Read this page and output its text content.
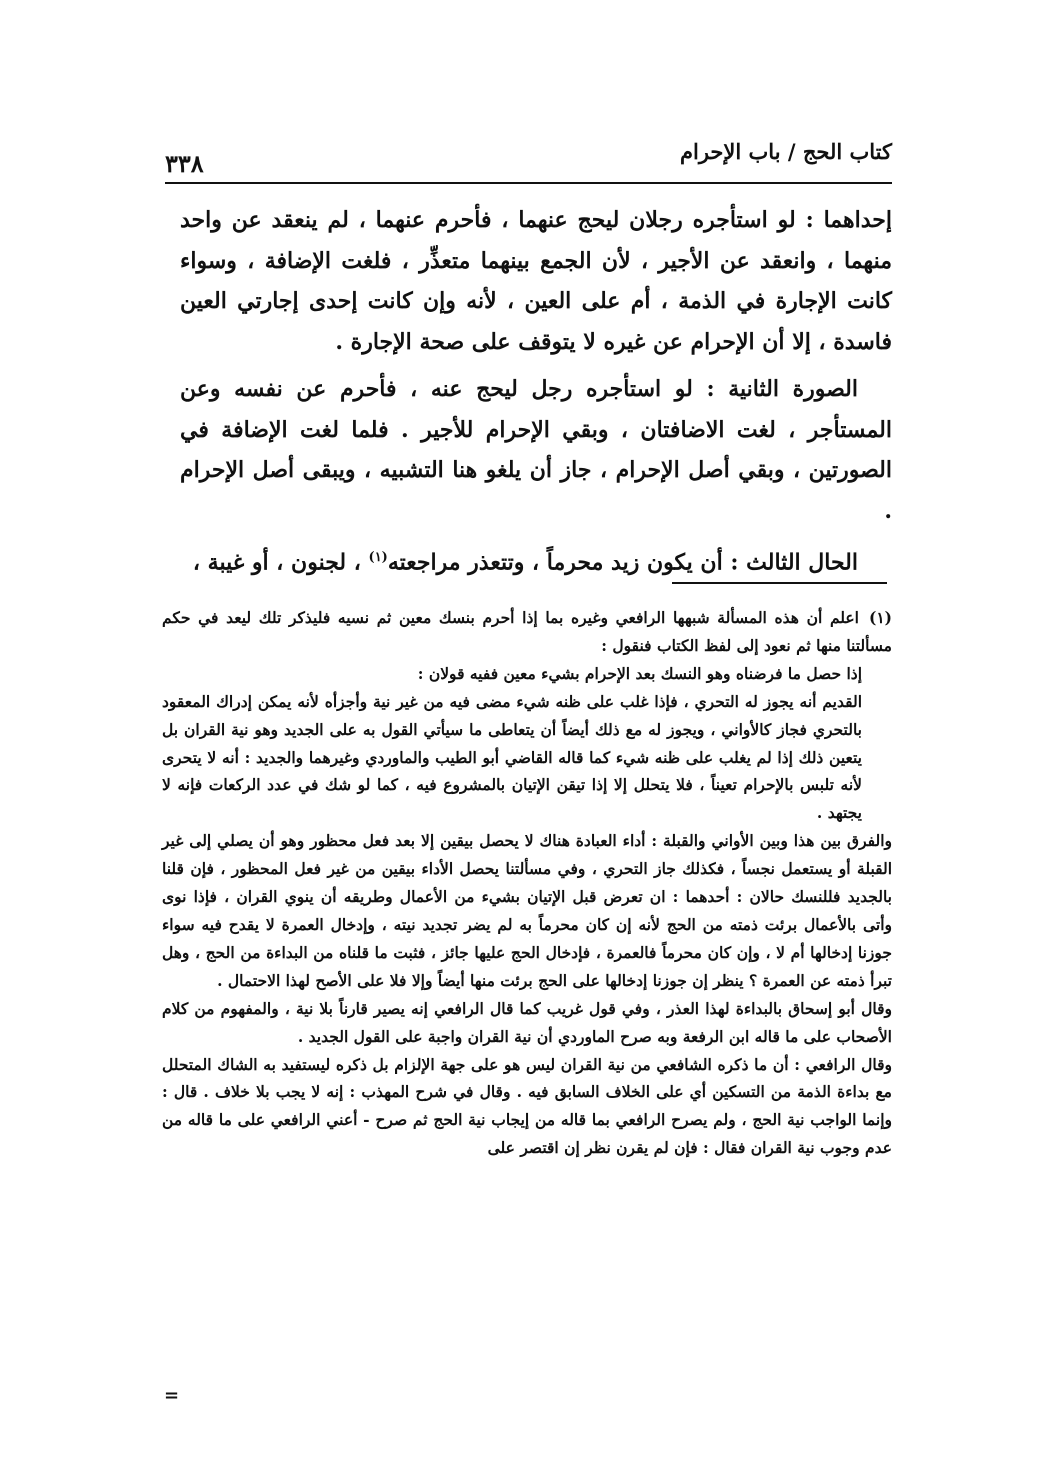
كتاب الحج / باب الإحرام
٣٣٨

إحداهما : لو استأجره رجلان ليحج عنهما ، فأحرم عنهما ، لم ينعقد عن واحد منهما ، وانعقد عن الأجير ، لأن الجمع بينهما متعذِّر ، فلغت الإضافة ، وسواء كانت الإجارة في الذمة ، أم على العين ، لأنه وإن كانت إحدى إجارتي العين فاسدة ، إلا أن الإحرام عن غيره لا يتوقف على صحة الإجارة .

الصورة الثانية : لو استأجره رجل ليحج عنه ، فأحرم عن نفسه وعن المستأجر ، لغت الاضافتان ، وبقي الإحرام للأجير . فلما لغت الإضافة في الصورتين ، وبقي أصل الإحرام ، جاز أن يلغو هنا التشبيه ، ويبقى أصل الإحرام .

الحال الثالث : أن يكون زيد محرماً ، وتتعذر مراجعته$^{(١)}$ ، لجنون ، أو غيبة ،

(١)اعلم أن هذه المسألة شبهها الرافعي وغيره بما إذا أحرم بنسك معين ثم نسيه فليذكر تلك ليعد في حكم مسألتنا منها ثم نعود إلى لفظ الكتاب فنقول :

إذا حصل ما فرضناه وهو النسك بعد الإحرام بشيء معين ففيه قولان :

القديم أنه يجوز له التحري ، فإذا غلب على ظنه شيء مضى فيه من غير نية وأجزأه لأنه يمكن إدراك المعقود بالتحري فجاز كالأواني ، ويجوز له مع ذلك أيضاً أن يتعاطى ما سيأتي القول به على الجديد وهو نية القران بل يتعين ذلك إذا لم يغلب على ظنه شيء كما قاله القاضي أبو الطيب والماوردي وغيرهما والجديد : أنه لا يتحرى لأنه تلبس بالإحرام تعيناً ، فلا يتحلل إلا إذا تيقن الإتيان بالمشروع فيه ، كما لو شك في عدد الركعات فإنه لا يجتهد .

والفرق بين هذا وبين الأواني والقبلة : أداء العبادة هناك لا يحصل بيقين إلا بعد فعل محظور وهو أن يصلي إلى غير القبلة أو يستعمل نجساً ، فكذلك جاز التحري ، وفي مسألتنا يحصل الأداء بيقين من غير فعل المحظور ، فإن قلنا بالجديد فللنسك حالان : أحدهما : ان تعرض قبل الإتيان بشيء من الأعمال وطريقه أن ينوي القران ، فإذا نوى وأتى بالأعمال برئت ذمته من الحج لأنه إن كان محرماً به لم يضر تجديد نيته ، وإدخال العمرة لا يقدح فيه سواء جوزنا إدخالها أم لا ، وإن كان محرماً فالعمرة ، فإدخال الحج عليها جائز ، فثبت ما قلناه من البداءة من الحج ، وهل تبرأ ذمته عن العمرة ؟ ينظر إن جوزنا إدخالها على الحج برئت منها أيضاً وإلا فلا على الأصح لهذا الاحتمال .

وقال أبو إسحاق بالبداءة لهذا العذر ، وفي قول غريب كما قال الرافعي إنه يصير قارناً بلا نية ، والمفهوم من كلام الأصحاب على ما قاله ابن الرفعة وبه صرح الماوردي أن نية القران واجبة على القول الجديد .

وقال الرافعي : أن ما ذكره الشافعي من نية القران ليس هو على جهة الإلزام بل ذكره ليستفيد به الشاك المتحلل مع بداءة الذمة من التسكين أي على الخلاف السابق فيه . وقال في شرح المهذب : إنه لا يجب بلا خلاف . قال : وإنما الواجب نية الحج ، ولم يصرح الرافعي بما قاله من إيجاب نية الحج ثم صرح - أعني الرافعي على ما قاله من عدم وجوب نية القران فقال : فإن لم يقرن نظر إن اقتصر على

=
